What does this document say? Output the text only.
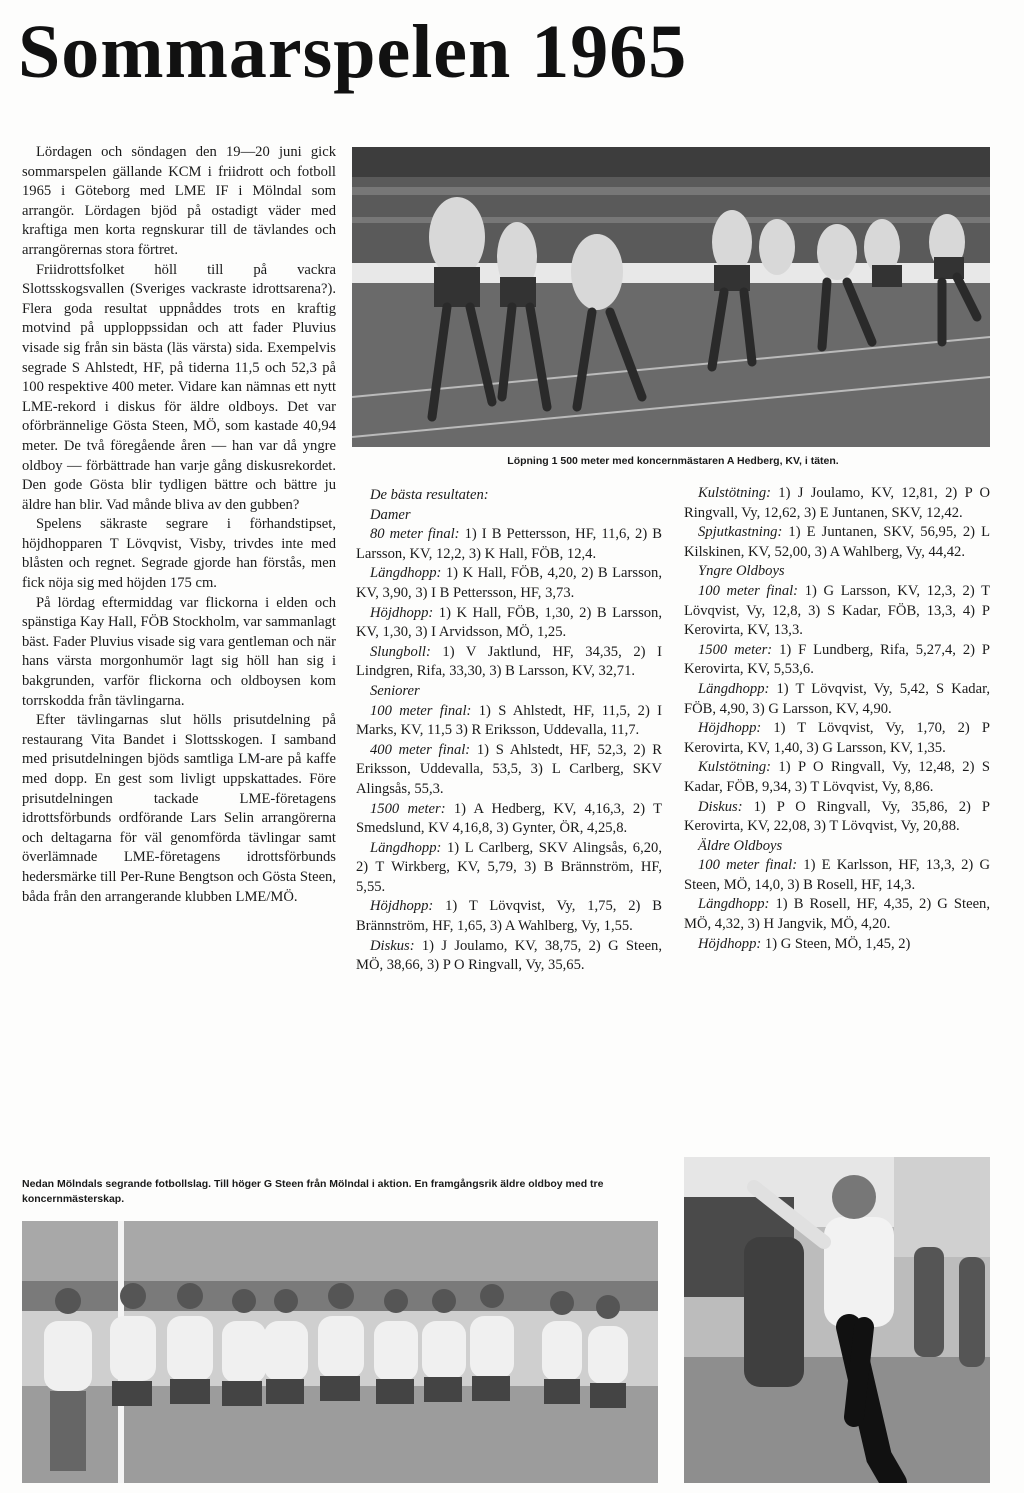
Sommarspelen 1965

Lördagen och söndagen den 19—20 juni gick sommarspelen gällande KCM i friidrott och fotboll 1965 i Göteborg med LME IF i Mölndal som arrangör. Lördagen bjöd på ostadigt väder med kraftiga men korta regnskurar till de tävlandes och arrangörernas stora förtret.

Friidrottsfolket höll till på vackra Slottsskogsvallen (Sveriges vackraste idrottsarena?). Flera goda resultat uppnåddes trots en kraftig motvind på upploppssidan och att fader Pluvius visade sig från sin bästa (läs värsta) sida. Exempelvis segrade S Ahlstedt, HF, på tiderna 11,5 och 52,3 på 100 respektive 400 meter. Vidare kan nämnas ett nytt LME-rekord i diskus för äldre oldboys. Det var oförbrännelige Gösta Steen, MÖ, som kastade 40,94 meter. De två föregående åren — han var då yngre oldboy — förbättrade han varje gång diskusrekordet. Den gode Gösta blir tydligen bättre och bättre ju äldre han blir. Vad månde bliva av den gubben?

Spelens säkraste segrare i förhandstipset, höjdhopparen T Lövqvist, Visby, trivdes inte med blåsten och regnet. Segrade gjorde han förstås, men fick nöja sig med höjden 175 cm.

På lördag eftermiddag var flickorna i elden och spänstiga Kay Hall, FÖB Stockholm, var sammanlagt bäst. Fader Pluvius visade sig vara gentleman och när hans värsta morgonhumör lagt sig höll han sig i bakgrunden, varför flickorna och oldboysen kom torrskodda från tävlingarna.

Efter tävlingarnas slut hölls prisutdelning på restaurang Vita Bandet i Slottsskogen. I samband med prisutdelningen bjöds samtliga LM-are på kaffe med dopp. En gest som livligt uppskattades. Före prisutdelningen tackade LME-företagens idrottsförbunds ordförande Lars Selin arrangörerna och deltagarna för väl genomförda tävlingar samt överlämnade LME-företagens idrottsförbunds hedersmärke till Per-Rune Bengtson och Gösta Steen, båda från den arrangerande klubben LME/MÖ.

Löpning 1 500 meter med koncernmästaren A Hedberg, KV, i täten.

De bästa resultaten:

Damer

80 meter final: 1) I B Pettersson, HF, 11,6, 2) B Larsson, KV, 12,2, 3) K Hall, FÖB, 12,4.

Längdhopp: 1) K Hall, FÖB, 4,20, 2) B Larsson, KV, 3,90, 3) I B Pettersson, HF, 3,73.

Höjdhopp: 1) K Hall, FÖB, 1,30, 2) B Larsson, KV, 1,30, 3) I Arvidsson, MÖ, 1,25.

Slungboll: 1) V Jaktlund, HF, 34,35, 2) I Lindgren, Rifa, 33,30, 3) B Larsson, KV, 32,71.

Seniorer

100 meter final: 1) S Ahlstedt, HF, 11,5, 2) I Marks, KV, 11,5 3) R Eriksson, Uddevalla, 11,7.

400 meter final: 1) S Ahlstedt, HF, 52,3, 2) R Eriksson, Uddevalla, 53,5, 3) L Carlberg, SKV Alingsås, 55,3.

1500 meter: 1) A Hedberg, KV, 4,16,3, 2) T Smedslund, KV 4,16,8, 3) Gynter, ÖR, 4,25,8.

Längdhopp: 1) L Carlberg, SKV Alingsås, 6,20, 2) T Wirkberg, KV, 5,79, 3) B Brännström, HF, 5,55.

Höjdhopp: 1) T Lövqvist, Vy, 1,75, 2) B Brännström, HF, 1,65, 3) A Wahlberg, Vy, 1,55.

Diskus: 1) J Joulamo, KV, 38,75, 2) G Steen, MÖ, 38,66, 3) P O Ringvall, Vy, 35,65.

Kulstötning: 1) J Joulamo, KV, 12,81, 2) P O Ringvall, Vy, 12,62, 3) E Juntanen, SKV, 12,42.

Spjutkastning: 1) E Juntanen, SKV, 56,95, 2) L Kilskinen, KV, 52,00, 3) A Wahlberg, Vy, 44,42.

Yngre Oldboys

100 meter final: 1) G Larsson, KV, 12,3, 2) T Lövqvist, Vy, 12,8, 3) S Kadar, FÖB, 13,3, 4) P Kerovirta, KV, 13,3.

1500 meter: 1) F Lundberg, Rifa, 5,27,4, 2) P Kerovirta, KV, 5,53,6.

Längdhopp: 1) T Lövqvist, Vy, 5,42, S Kadar, FÖB, 4,90, 3) G Larsson, KV, 4,90.

Höjdhopp: 1) T Lövqvist, Vy, 1,70, 2) P Kerovirta, KV, 1,40, 3) G Larsson, KV, 1,35.

Kulstötning: 1) P O Ringvall, Vy, 12,48, 2) S Kadar, FÖB, 9,34, 3) T Lövqvist, Vy, 8,86.

Diskus: 1) P O Ringvall, Vy, 35,86, 2) P Kerovirta, KV, 22,08, 3) T Lövqvist, Vy, 20,88.

Äldre Oldboys

100 meter final: 1) E Karlsson, HF, 13,3, 2) G Steen, MÖ, 14,0, 3) B Rosell, HF, 14,3.

Längdhopp: 1) B Rosell, HF, 4,35, 2) G Steen, MÖ, 4,32, 3) H Jangvik, MÖ, 4,20.

Höjdhopp: 1) G Steen, MÖ, 1,45, 2)

Nedan Mölndals segrande fotbollslag. Till höger G Steen från Mölndal i aktion. En framgångsrik äldre oldboy med tre koncernmästerskap.
